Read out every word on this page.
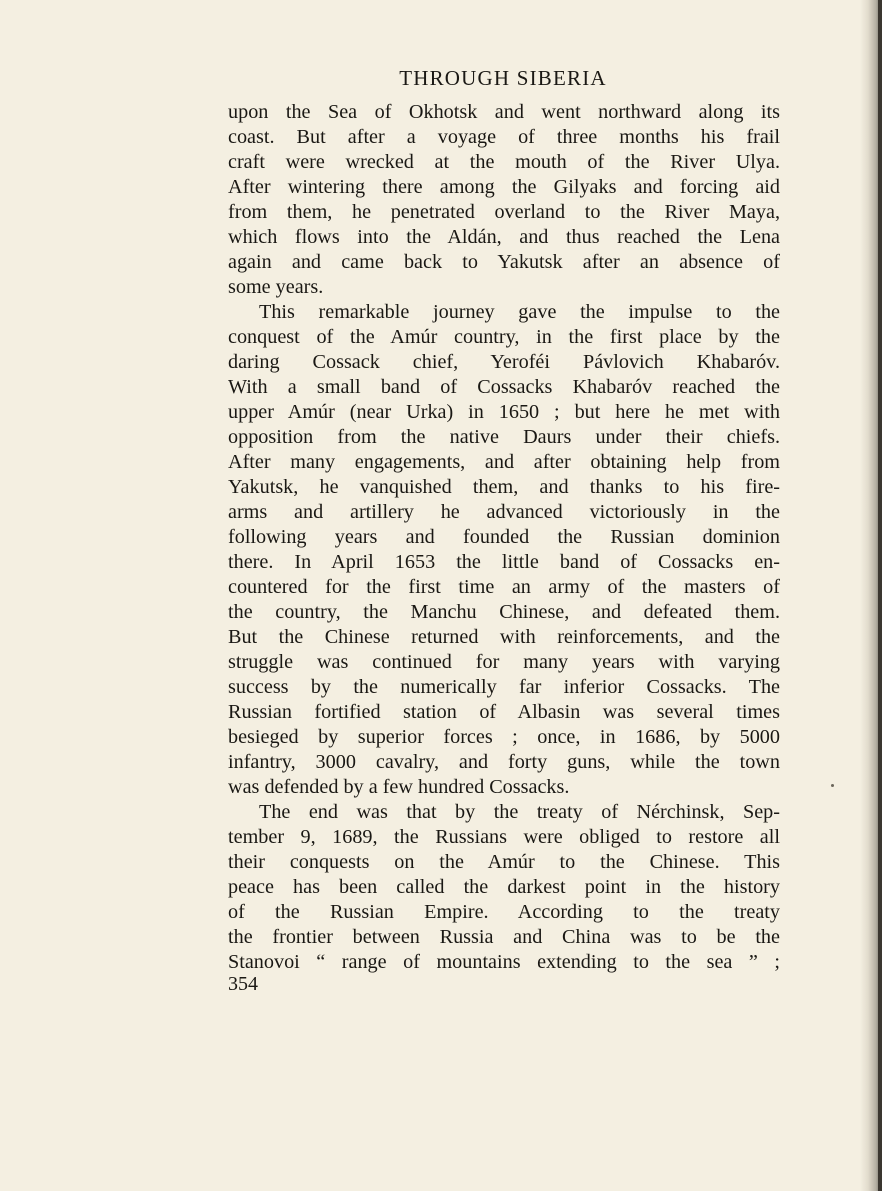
THROUGH SIBERIA
upon the Sea of Okhotsk and went northward along its
coast. But after a voyage of three months his frail
craft were wrecked at the mouth of the River Ulya.
After wintering there among the Gilyaks and forcing aid
from them, he penetrated overland to the River Maya,
which flows into the Aldán, and thus reached the Lena
again and came back to Yakutsk after an absence of
some years.
This remarkable journey gave the impulse to the
conquest of the Amúr country, in the first place by the
daring Cossack chief, Yeroféi Pávlovich Khabaróv.
With a small band of Cossacks Khabaróv reached the
upper Amúr (near Urka) in 1650 ; but here he met with
opposition from the native Daurs under their chiefs.
After many engagements, and after obtaining help from
Yakutsk, he vanquished them, and thanks to his fire-
arms and artillery he advanced victoriously in the
following years and founded the Russian dominion
there. In April 1653 the little band of Cossacks en-
countered for the first time an army of the masters of
the country, the Manchu Chinese, and defeated them.
But the Chinese returned with reinforcements, and the
struggle was continued for many years with varying
success by the numerically far inferior Cossacks. The
Russian fortified station of Albasin was several times
besieged by superior forces ; once, in 1686, by 5000
infantry, 3000 cavalry, and forty guns, while the town
was defended by a few hundred Cossacks.
The end was that by the treaty of Nérchinsk, Sep-
tember 9, 1689, the Russians were obliged to restore all
their conquests on the Amúr to the Chinese. This
peace has been called the darkest point in the history
of the Russian Empire. According to the treaty
the frontier between Russia and China was to be the
Stanovoi “ range of mountains extending to the sea ” ;
354
